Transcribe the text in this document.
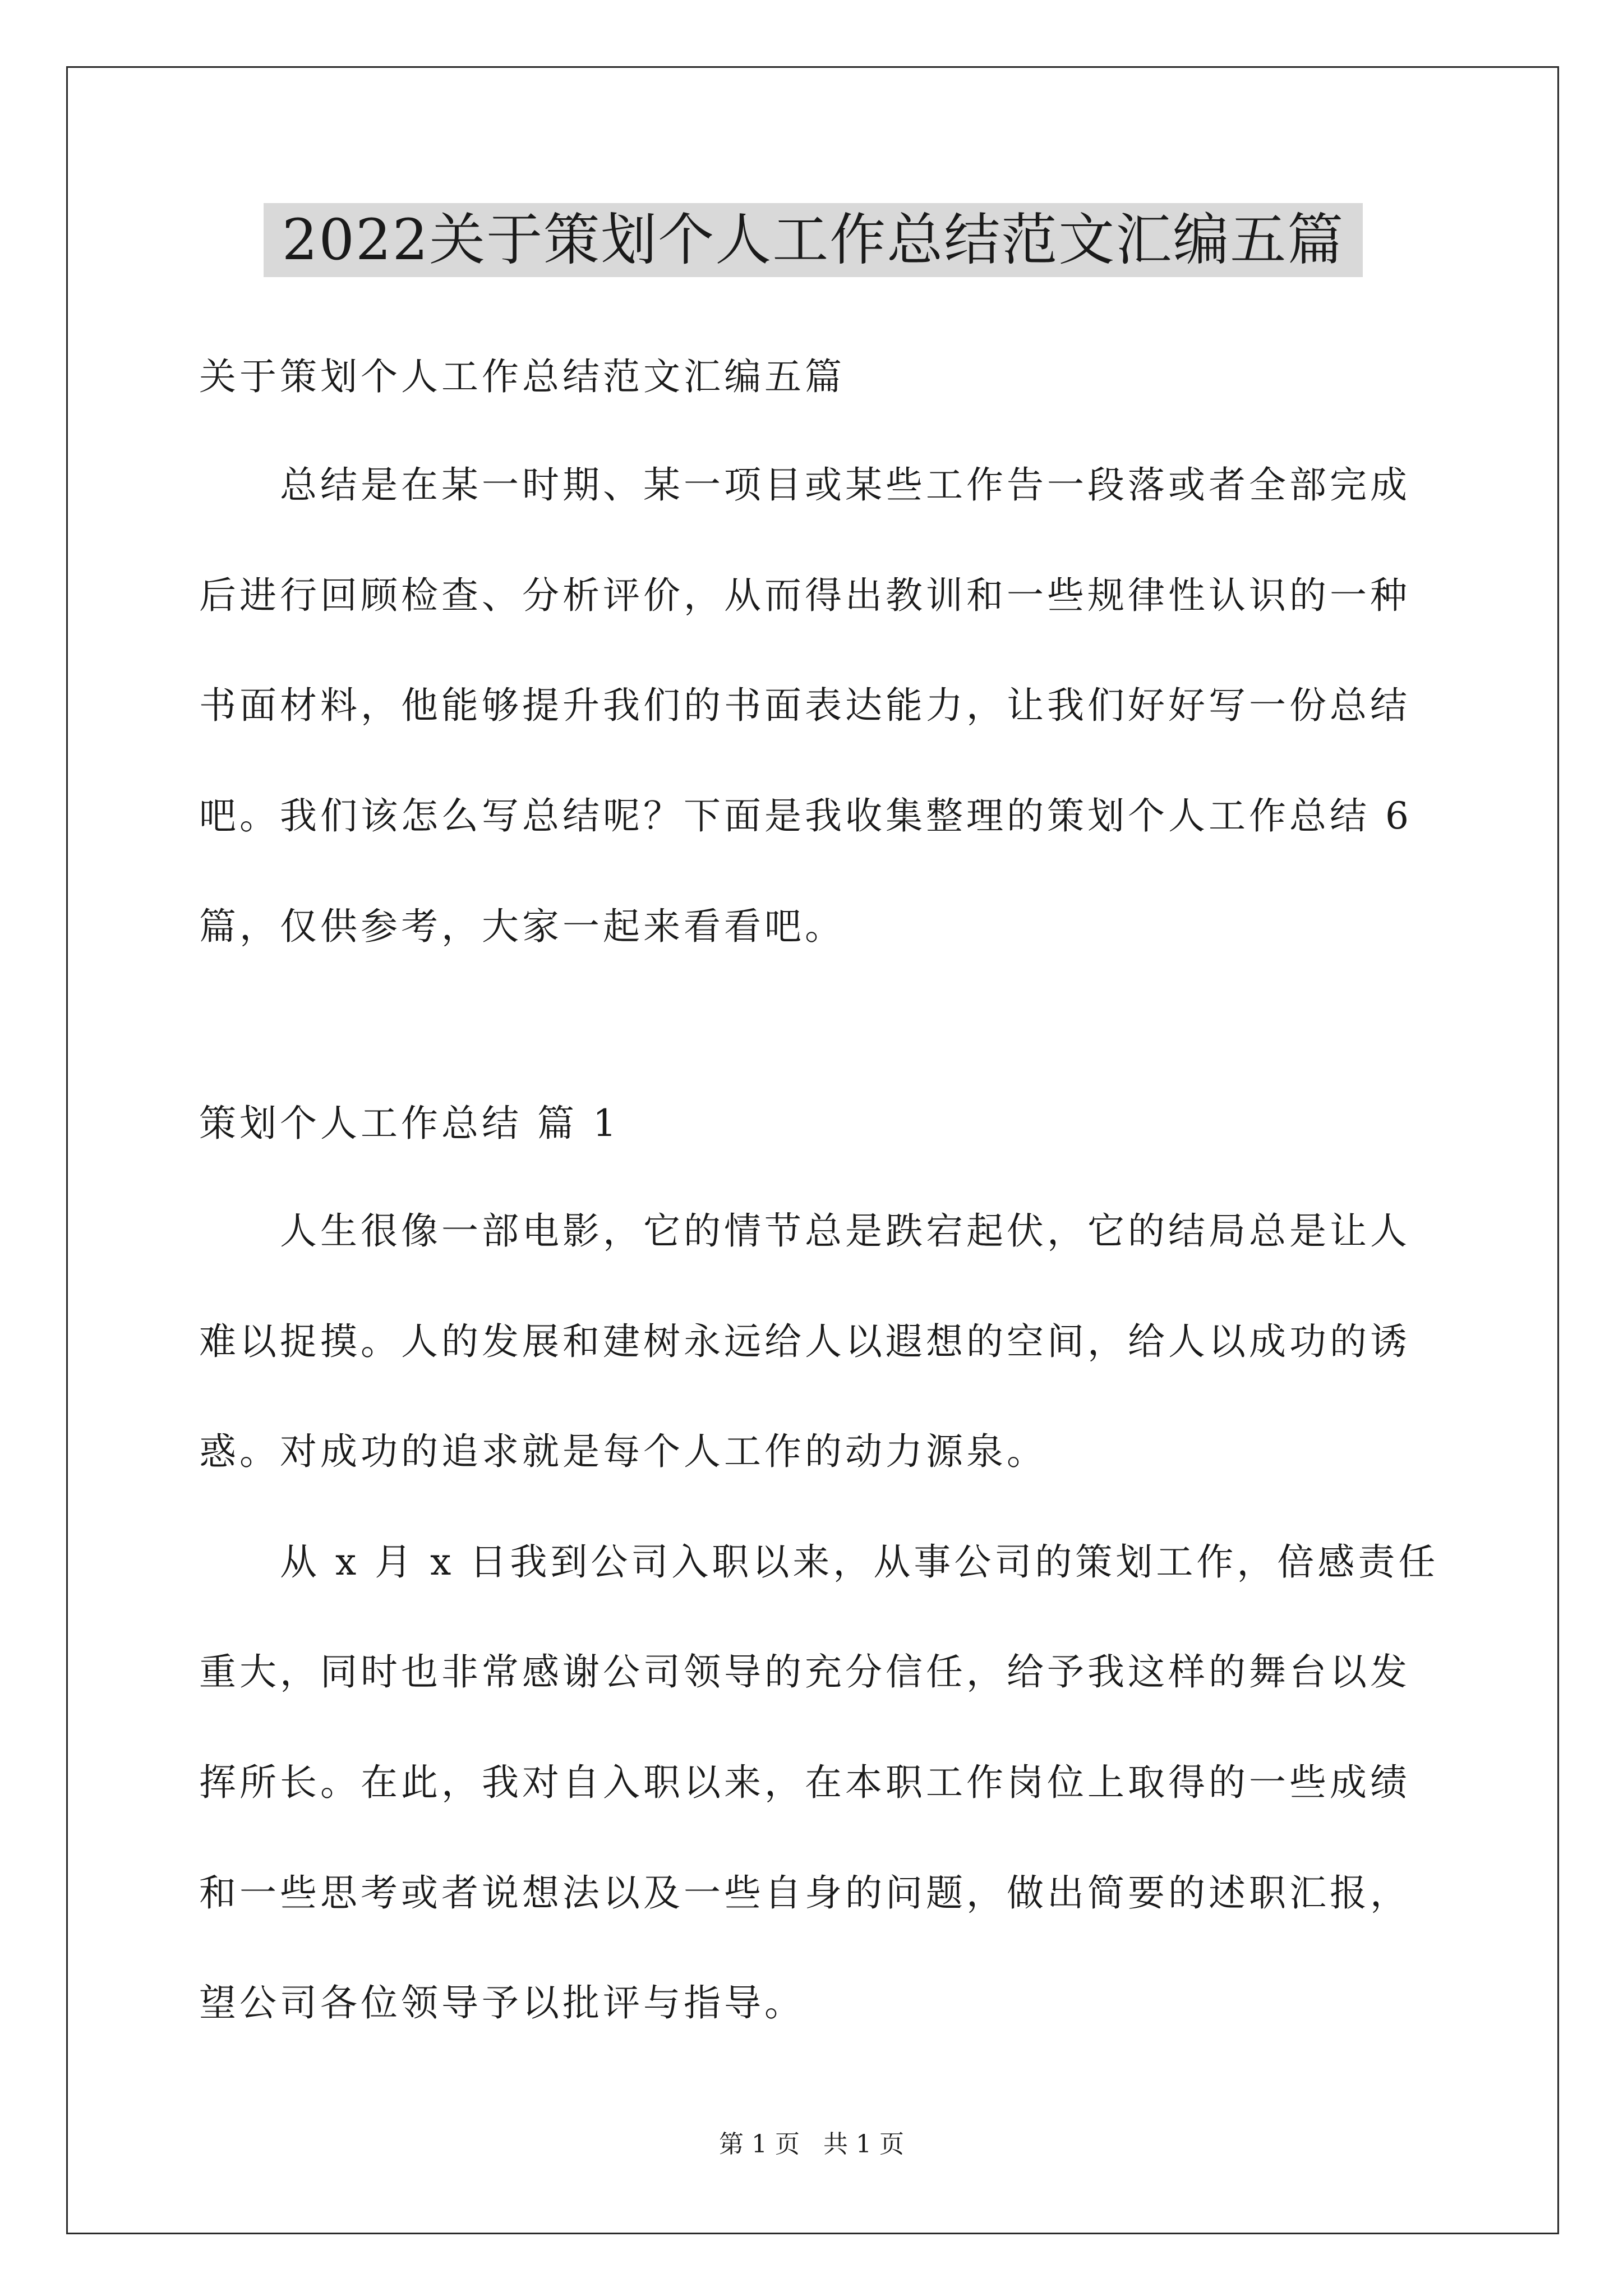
2022关于策划个人工作总结范文汇编五篇
关于策划个人工作总结范文汇编五篇
　　总结是在某一时期、某一项目或某些工作告一段落或者全部完成
后进行回顾检查、分析评价，从而得出教训和一些规律性认识的一种
书面材料，他能够提升我们的书面表达能力，让我们好好写一份总结
吧。我们该怎么写总结呢？下面是我收集整理的策划个人工作总结 6
篇，仅供参考，大家一起来看看吧。
策划个人工作总结 篇 1
　　人生很像一部电影，它的情节总是跌宕起伏，它的结局总是让人
难以捉摸。人的发展和建树永远给人以遐想的空间，给人以成功的诱
惑。对成功的追求就是每个人工作的动力源泉。
　　从 x 月 x 日我到公司入职以来，从事公司的策划工作，倍感责任
重大，同时也非常感谢公司领导的充分信任，给予我这样的舞台以发
挥所长。在此，我对自入职以来，在本职工作岗位上取得的一些成绩
和一些思考或者说想法以及一些自身的问题，做出简要的述职汇报，
望公司各位领导予以批评与指导。
第 1 页   共 1 页
